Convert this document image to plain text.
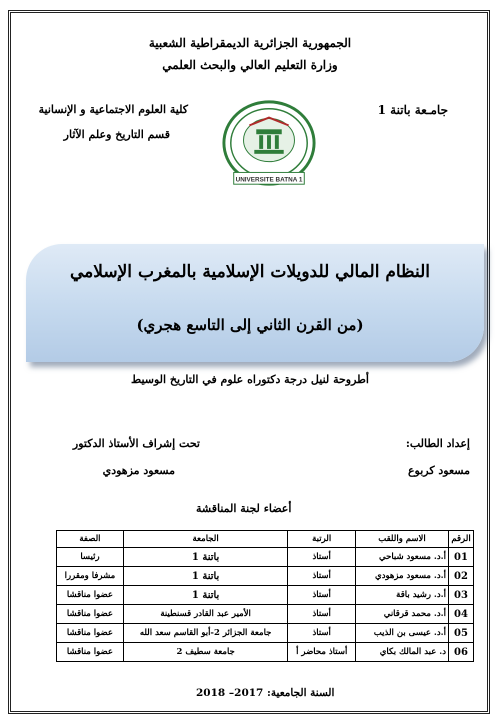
الجمهورية الجزائرية الديمقراطية الشعبية
وزارة التعليم العالي والبحث العلمي
جامـعة باتنة 1
كلية العلوم الاجتماعية و الإنسانية
قسم التاريخ وعلم الآثار
UNIVERSITE BATNA 1
النظام المالي للدويلات الإسلامية بالمغرب الإسلامي
(من القرن الثاني إلى التاسع هجري)
أطروحة لنيل درجة دكتوراه علوم في التاريخ الوسيط
إعداد الطالب:
مسعود كربوع
تحت إشراف الأستاذ الدكتور
مسعود مزهودي
أعضاء لجنة المناقشة
الرقم	الاسم واللقب	الرتبة	الجامعة	الصفة
01	أ.د. مسعود شباحي	أستاذ	باتنة 1	رئيسا
02	أ.د. مسعود مزهودي	أستاذ	باتنة 1	مشرفا ومقررا
03	أ.د. رشيد باقة	أستاذ	باتنة 1	عضوا مناقشا
04	أ.د. محمد قرقاني	أستاذ	الأمير عبد القادر قسنطينة	عضوا مناقشا
05	أ.د. عيسى بن الذيب	أستاذ	جامعة الجزائر 2-أبو القاسم سعد الله	عضوا مناقشا
06	د. عبد المالك بكاي	أستاذ محاضر أ	جامعة سطيف 2	عضوا مناقشا
السنة الجامعية: 2017– 2018
